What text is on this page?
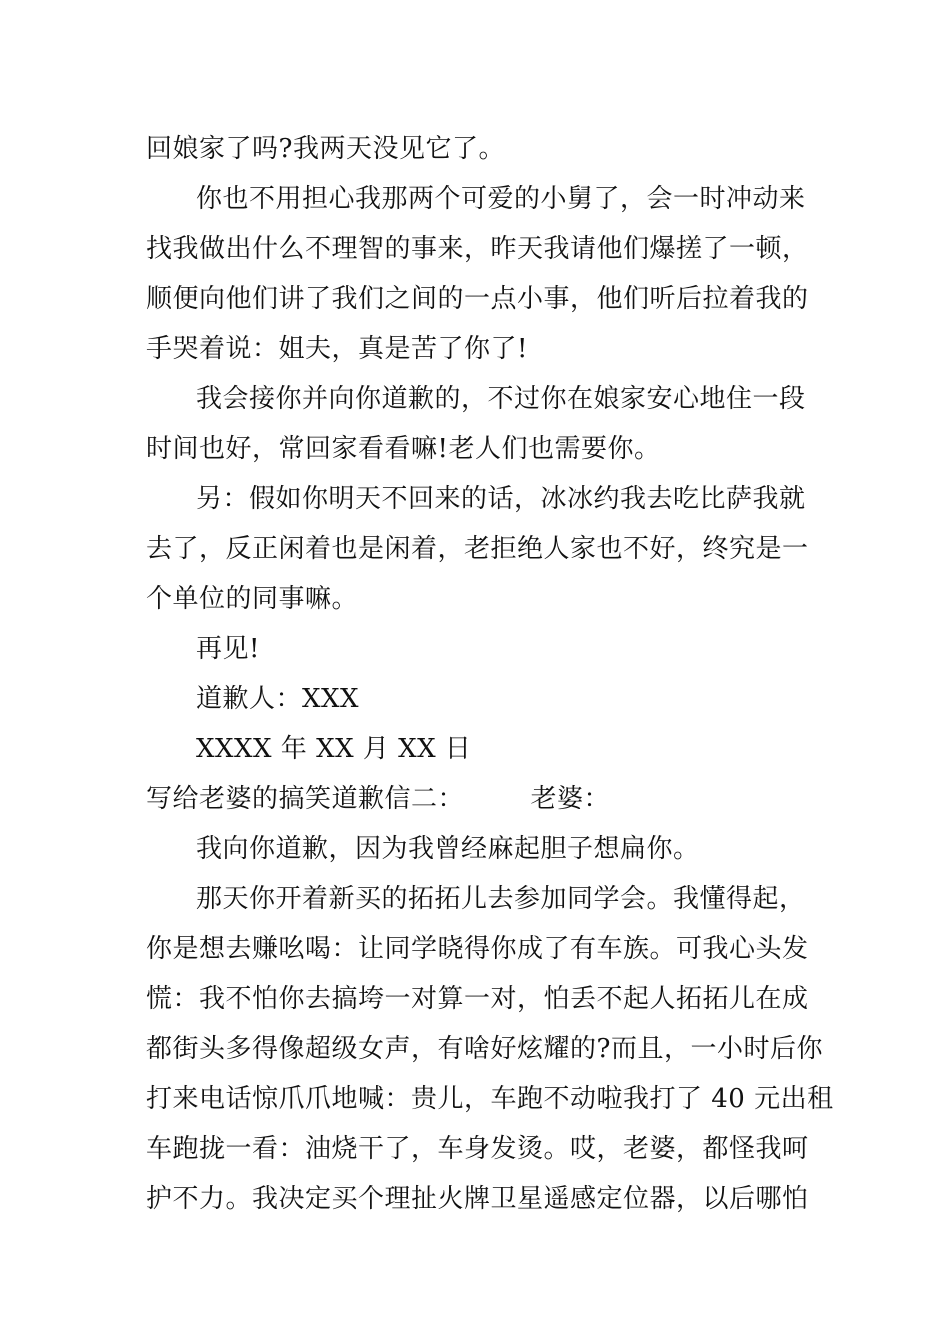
回娘家了吗?我两天没见它了。
你也不用担心我那两个可爱的小舅了，会一时冲动来
找我做出什么不理智的事来，昨天我请他们爆搓了一顿，
顺便向他们讲了我们之间的一点小事，他们听后拉着我的
手哭着说：姐夫，真是苦了你了!
我会接你并向你道歉的，不过你在娘家安心地住一段
时间也好，常回家看看嘛!老人们也需要你。
另：假如你明天不回来的话，冰冰约我去吃比萨我就
去了，反正闲着也是闲着，老拒绝人家也不好，终究是一
个单位的同事嘛。
再见!
道歉人：XXX
XXXX 年 XX 月 XX 日
写给老婆的搞笑道歉信二：　　　老婆：
我向你道歉，因为我曾经麻起胆子想扁你。
那天你开着新买的拓拓儿去参加同学会。我懂得起，
你是想去赚吆喝：让同学晓得你成了有车族。可我心头发
慌：我不怕你去搞垮一对算一对，怕丢不起人拓拓儿在成
都街头多得像超级女声，有啥好炫耀的?而且，一小时后你
打来电话惊爪爪地喊：贵儿，车跑不动啦我打了 40 元出租
车跑拢一看：油烧干了，车身发烫。哎，老婆，都怪我呵
护不力。我决定买个理扯火牌卫星遥感定位器，以后哪怕
